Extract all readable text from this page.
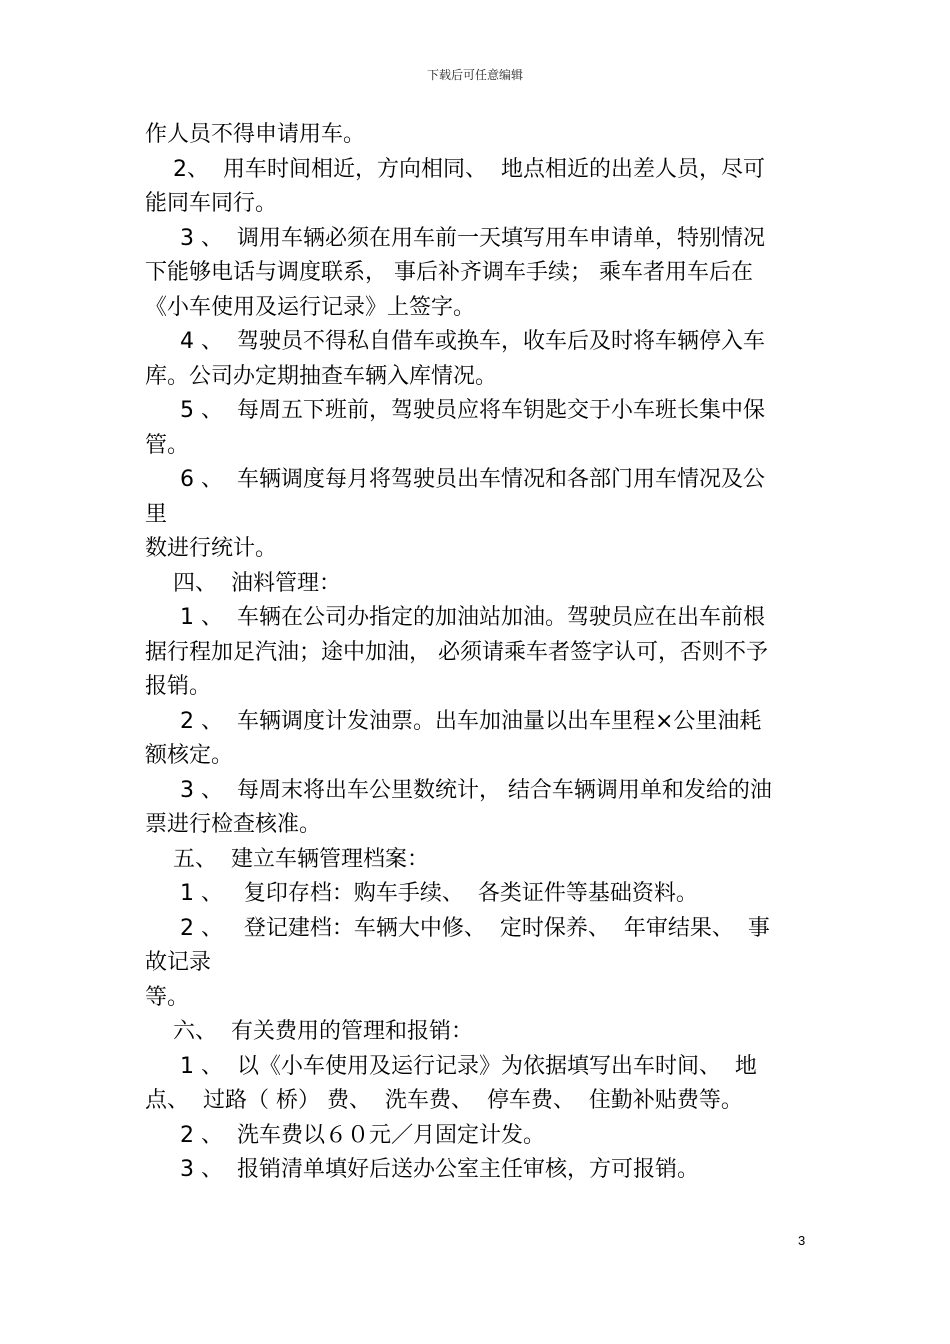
下载后可任意编辑
作人员不得申请用车。
2、  用车时间相近，方向相同、  地点相近的出差人员，尽可
能同车同行。
3 、  调用车辆必须在用车前一天填写用车申请单，特别情况
下能够电话与调度联系， 事后补齐调车手续； 乘车者用车后在
《小车使用及运行记录》上签字。
4 、  驾驶员不得私自借车或换车，收车后及时将车辆停入车
库。公司办定期抽查车辆入库情况。
5 、  每周五下班前，驾驶员应将车钥匙交于小车班长集中保
管。
6 、  车辆调度每月将驾驶员出车情况和各部门用车情况及公
里
数进行统计。
四、  油料管理：
1 、  车辆在公司办指定的加油站加油。驾驶员应在出车前根
据行程加足汽油；途中加油， 必须请乘车者签字认可，否则不予
报销。
2 、  车辆调度计发油票。出车加油量以出车里程×公里油耗
额核定。
3 、  每周末将出车公里数统计， 结合车辆调用单和发给的油
票进行检查核准。
五、  建立车辆管理档案：
1 、   复印存档：购车手续、  各类证件等基础资料。
2 、   登记建档：车辆大中修、  定时保养、  年审结果、  事
故记录
等。
六、  有关费用的管理和报销：
1 、  以《小车使用及运行记录》为依据填写出车时间、  地
点、  过路（ 桥） 费、  洗车费、  停车费、  住勤补贴费等。
2 、  洗车费以６０元／月固定计发。
3 、  报销清单填好后送办公室主任审核，方可报销。
3
